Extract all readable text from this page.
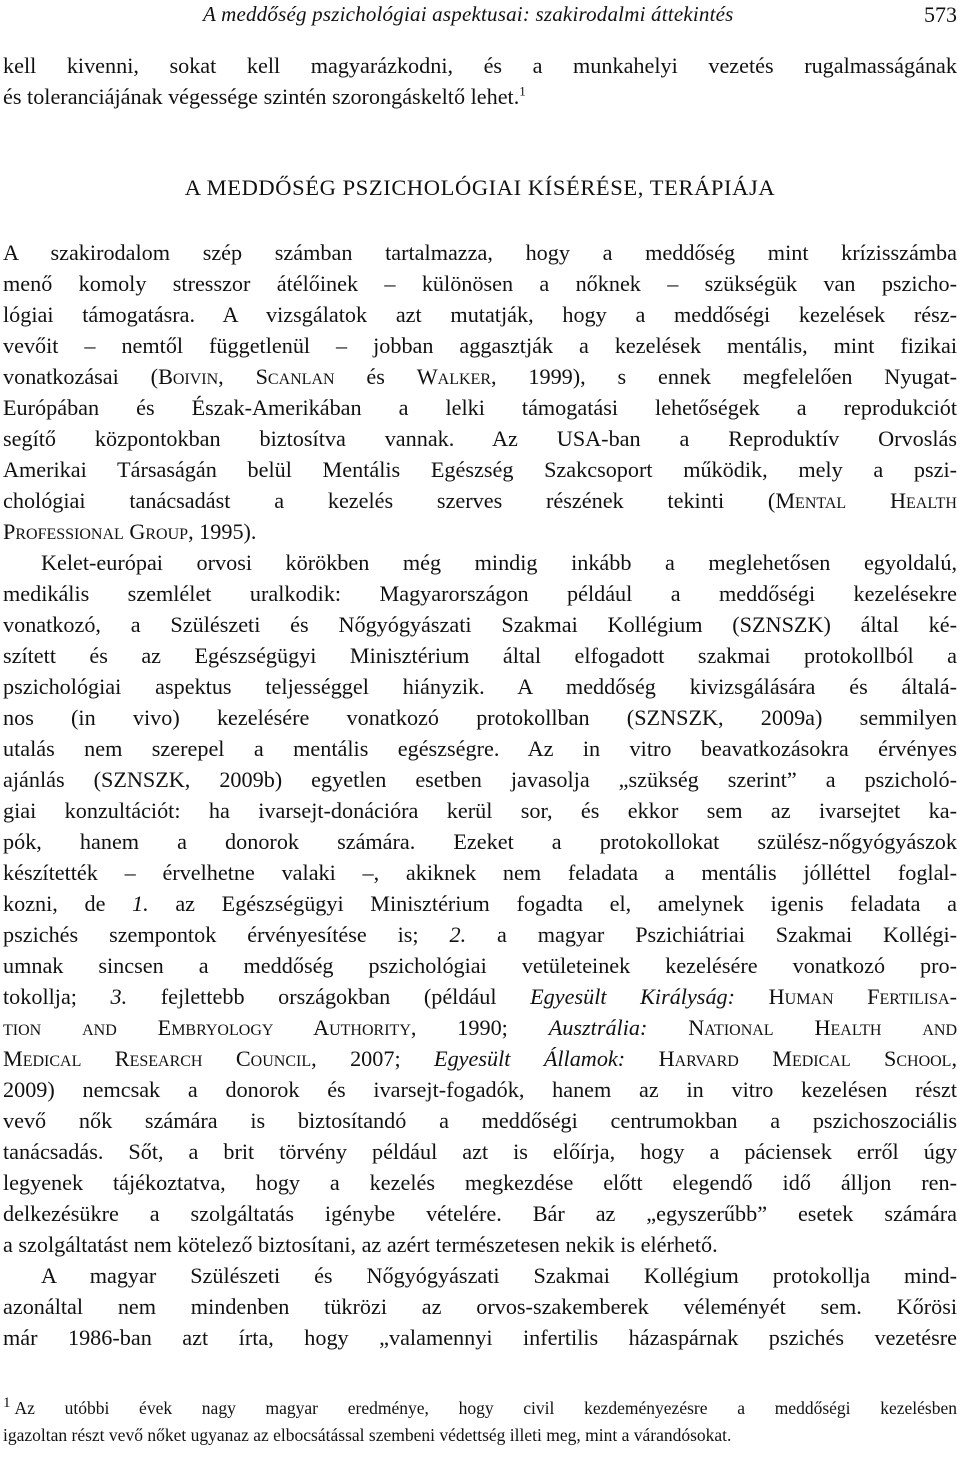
A meddőség pszichológiai aspektusai: szakirodalmi áttekintés	573
kell kivenni, sokat kell magyarázkodni, és a munkahelyi vezetés rugalmasságának
és toleranciájának végessége szintén szorongáskeltő lehet.$^1$
A MEDDŐSÉG PSZICHOLÓGIAI KÍSÉRÉSE, TERÁPIÁJA
A szakirodalom szép számban tartalmazza, hogy a meddőség mint krízisszámba
menő komoly stresszor átélőinek – különösen a nőknek – szükségük van pszicho-
lógiai támogatásra. A vizsgálatok azt mutatják, hogy a meddőségi kezelések rész-
vevőit – nemtől függetlenül – jobban aggasztják a kezelések mentális, mint fizikai
vonatkozásai (Boivin, Scanlan és Walker, 1999), s ennek megfelelően Nyugat-
Európában és Észak-Amerikában a lelki támogatási lehetőségek a reprodukciót
segítő központokban biztosítva vannak. Az USA-ban a Reproduktív Orvoslás
Amerikai Társaságán belül Mentális Egészség Szakcsoport működik, mely a pszi-
chológiai tanácsadást a kezelés szerves részének tekinti (Mental Health
Professional Group, 1995).
Kelet-európai orvosi körökben még mindig inkább a meglehetősen egyoldalú,
medikális szemlélet uralkodik: Magyarországon például a meddőségi kezelésekre
vonatkozó, a Szülészeti és Nőgyógyászati Szakmai Kollégium (SZNSZK) által ké-
szített és az Egészségügyi Minisztérium által elfogadott szakmai protokollból a
pszichológiai aspektus teljességgel hiányzik. A meddőség kivizsgálására és általá-
nos (in vivo) kezelésére vonatkozó protokollban (SZNSZK, 2009a) semmilyen
utalás nem szerepel a mentális egészségre. Az in vitro beavatkozásokra érvényes
ajánlás (SZNSZK, 2009b) egyetlen esetben javasolja „szükség szerint” a pszicholó-
giai konzultációt: ha ivarsejt-donációra kerül sor, és ekkor sem az ivarsejtet ka-
pók, hanem a donorok számára. Ezeket a protokollokat szülész-nőgyógyászok
készítették – érvelhetne valaki –, akiknek nem feladata a mentális jólléttel foglal-
kozni, de 1. az Egészségügyi Minisztérium fogadta el, amelynek igenis feladata a
pszichés szempontok érvényesítése is; 2. a magyar Pszichiátriai Szakmai Kollégi-
umnak sincsen a meddőség pszichológiai vetületeinek kezelésére vonatkozó pro-
tokollja; 3. fejlettebb országokban (például Egyesült Királyság: Human Fertilisa-
tion and Embryology Authority, 1990; Ausztrália: National Health and
Medical Research Council, 2007; Egyesült Államok: Harvard Medical School,
2009) nemcsak a donorok és ivarsejt-fogadók, hanem az in vitro kezelésen részt
vevő nők számára is biztosítandó a meddőségi centrumokban a pszichoszociális
tanácsadás. Sőt, a brit törvény például azt is előírja, hogy a páciensek erről úgy
legyenek tájékoztatva, hogy a kezelés megkezdése előtt elegendő idő álljon ren-
delkezésükre a szolgáltatás igénybe vételére. Bár az „egyszerűbb” esetek számára
a szolgáltatást nem kötelező biztosítani, az azért természetesen nekik is elérhető.
A magyar Szülészeti és Nőgyógyászati Szakmai Kollégium protokollja mind-
azonáltal nem mindenben tükrözi az orvos-szakemberek véleményét sem. Kőrösi
már 1986-ban azt írta, hogy „valamennyi infertilis házaspárnak pszichés vezetésre
1 Az utóbbi évek nagy magyar eredménye, hogy civil kezdeményezésre a meddőségi kezelésben
igazoltan részt vevő nőket ugyanaz az elbocsátással szembeni védettség illeti meg, mint a várandósokat.
